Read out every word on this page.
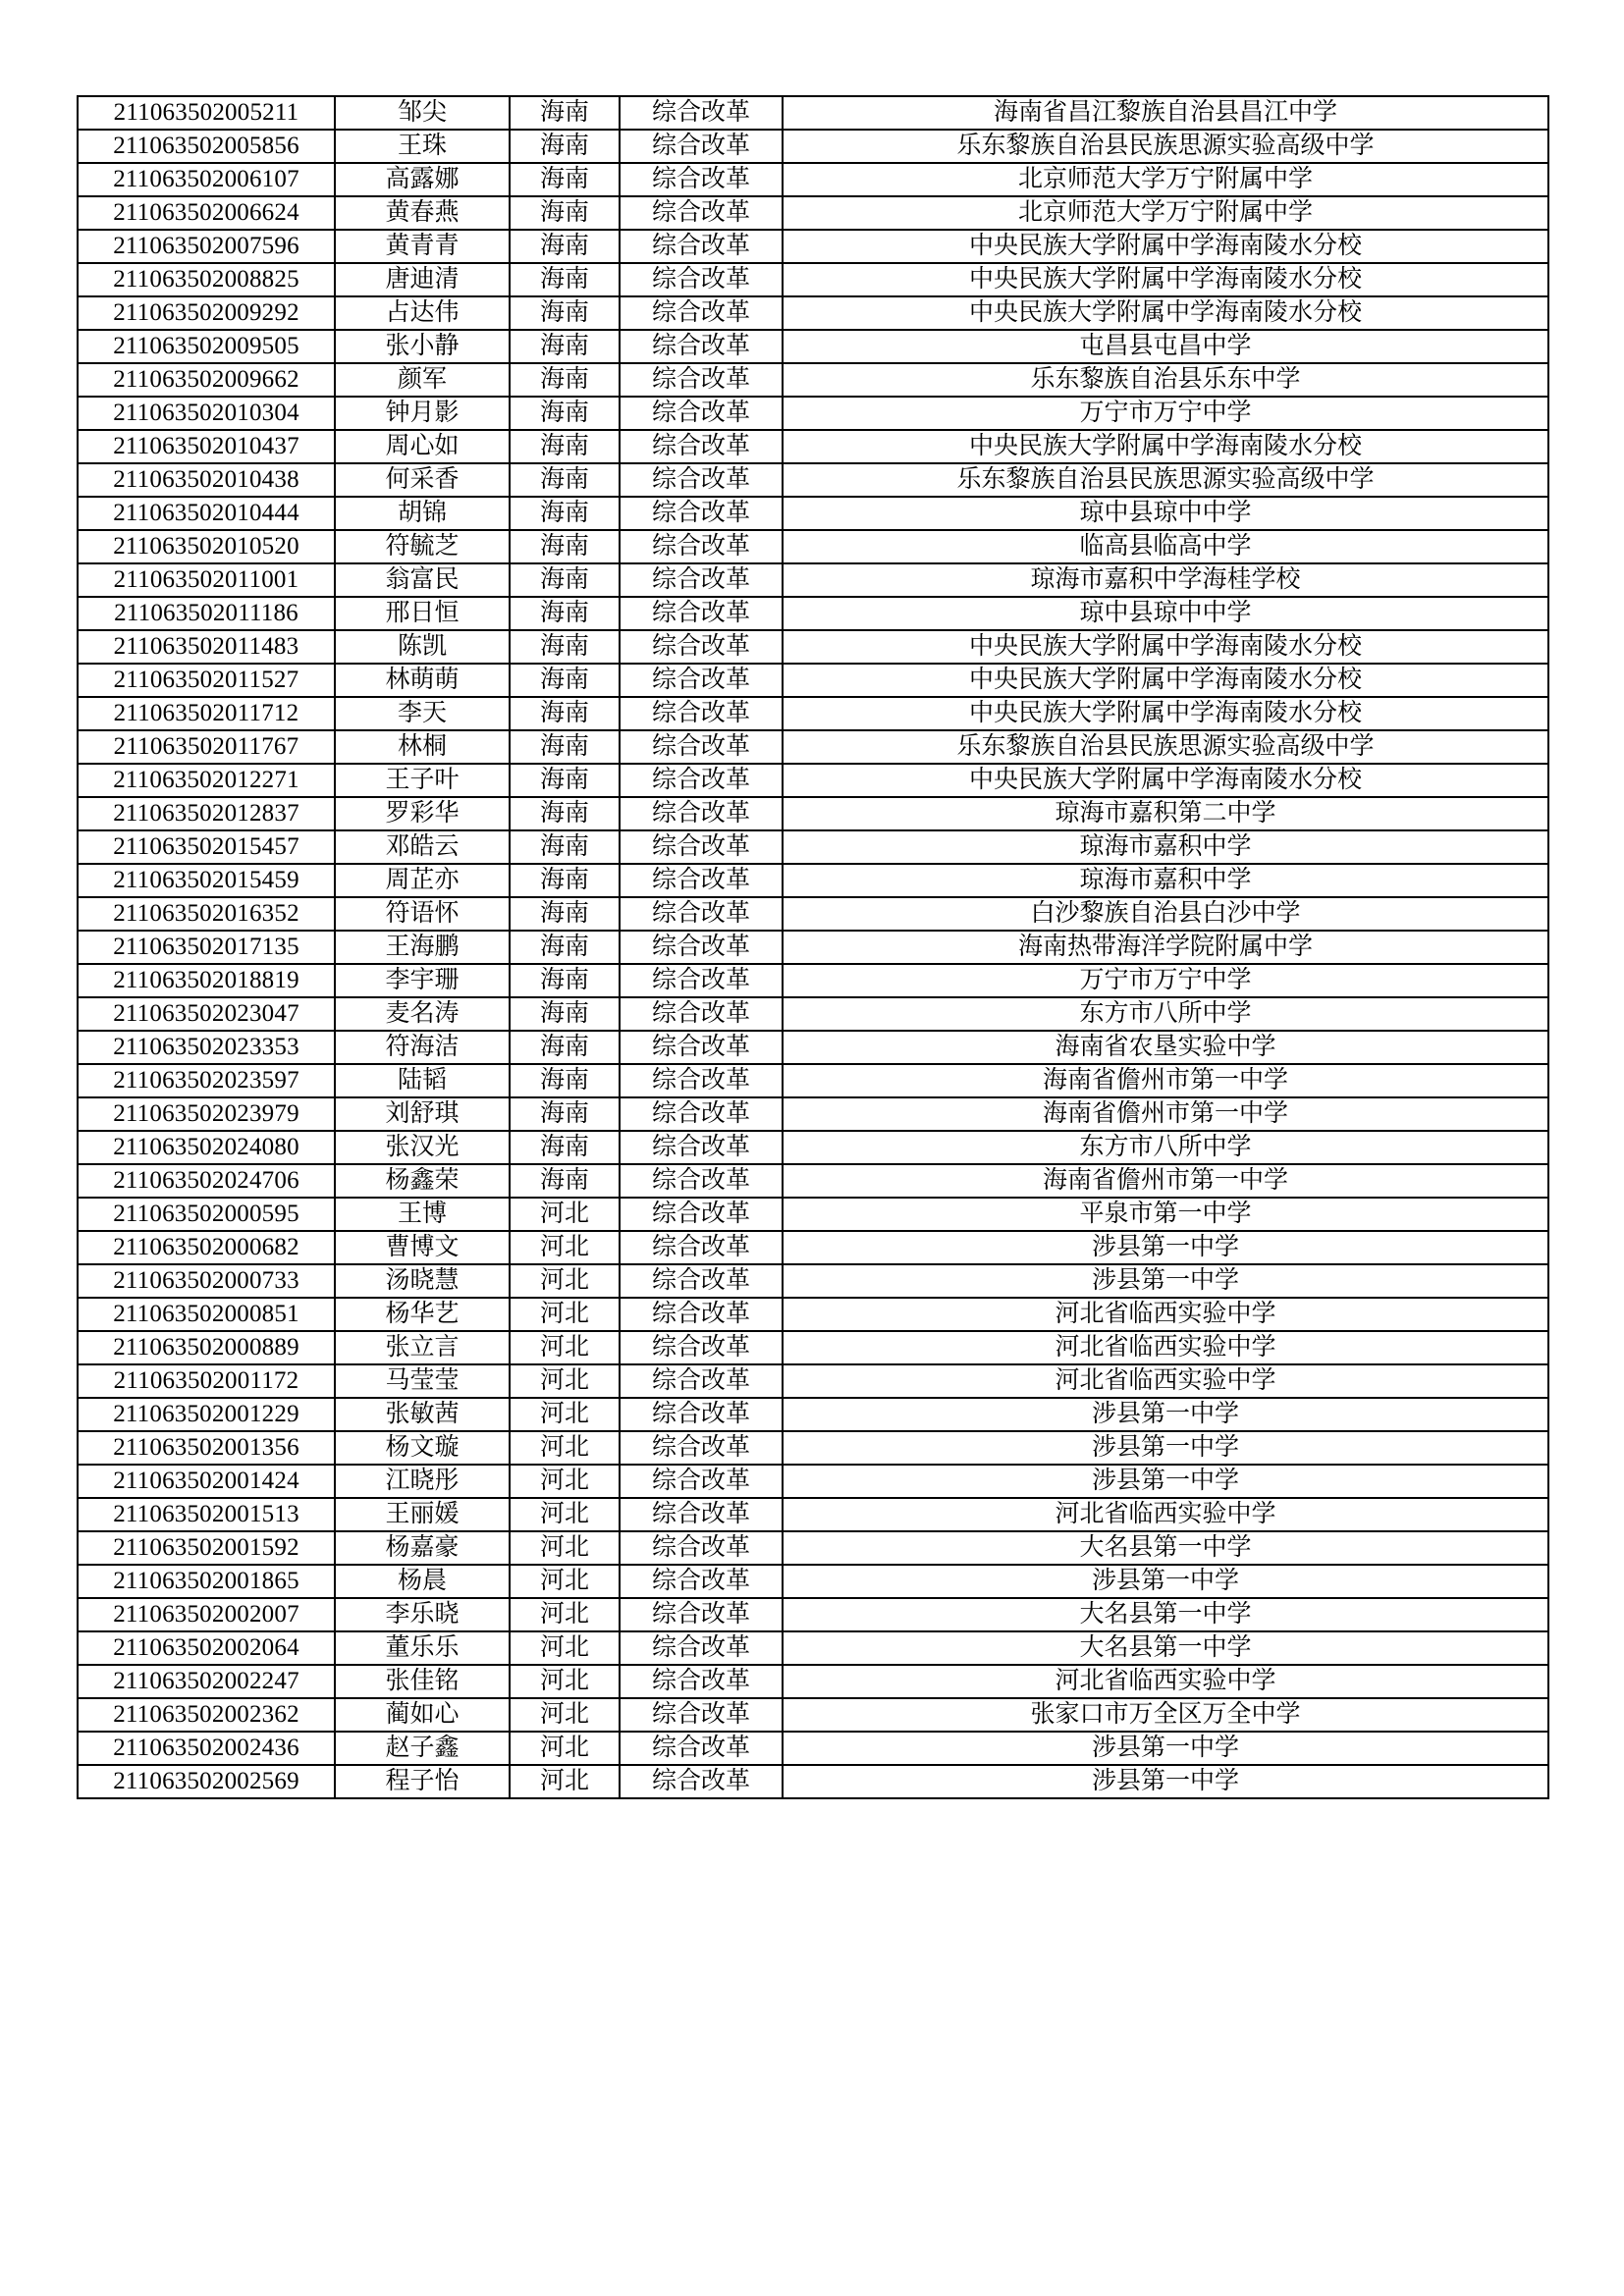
211063502005211	邹尖	海南	综合改革	海南省昌江黎族自治县昌江中学
211063502005856	王珠	海南	综合改革	乐东黎族自治县民族思源实验高级中学
211063502006107	高露娜	海南	综合改革	北京师范大学万宁附属中学
211063502006624	黄春燕	海南	综合改革	北京师范大学万宁附属中学
211063502007596	黄青青	海南	综合改革	中央民族大学附属中学海南陵水分校
211063502008825	唐迪清	海南	综合改革	中央民族大学附属中学海南陵水分校
211063502009292	占达伟	海南	综合改革	中央民族大学附属中学海南陵水分校
211063502009505	张小静	海南	综合改革	屯昌县屯昌中学
211063502009662	颜军	海南	综合改革	乐东黎族自治县乐东中学
211063502010304	钟月影	海南	综合改革	万宁市万宁中学
211063502010437	周心如	海南	综合改革	中央民族大学附属中学海南陵水分校
211063502010438	何采香	海南	综合改革	乐东黎族自治县民族思源实验高级中学
211063502010444	胡锦	海南	综合改革	琼中县琼中中学
211063502010520	符毓芝	海南	综合改革	临高县临高中学
211063502011001	翁富民	海南	综合改革	琼海市嘉积中学海桂学校
211063502011186	邢日恒	海南	综合改革	琼中县琼中中学
211063502011483	陈凯	海南	综合改革	中央民族大学附属中学海南陵水分校
211063502011527	林萌萌	海南	综合改革	中央民族大学附属中学海南陵水分校
211063502011712	李天	海南	综合改革	中央民族大学附属中学海南陵水分校
211063502011767	林桐	海南	综合改革	乐东黎族自治县民族思源实验高级中学
211063502012271	王子叶	海南	综合改革	中央民族大学附属中学海南陵水分校
211063502012837	罗彩华	海南	综合改革	琼海市嘉积第二中学
211063502015457	邓皓云	海南	综合改革	琼海市嘉积中学
211063502015459	周芷亦	海南	综合改革	琼海市嘉积中学
211063502016352	符语怀	海南	综合改革	白沙黎族自治县白沙中学
211063502017135	王海鹏	海南	综合改革	海南热带海洋学院附属中学
211063502018819	李宇珊	海南	综合改革	万宁市万宁中学
211063502023047	麦名涛	海南	综合改革	东方市八所中学
211063502023353	符海洁	海南	综合改革	海南省农垦实验中学
211063502023597	陆韬	海南	综合改革	海南省儋州市第一中学
211063502023979	刘舒琪	海南	综合改革	海南省儋州市第一中学
211063502024080	张汉光	海南	综合改革	东方市八所中学
211063502024706	杨鑫荣	海南	综合改革	海南省儋州市第一中学
211063502000595	王博	河北	综合改革	平泉市第一中学
211063502000682	曹博文	河北	综合改革	涉县第一中学
211063502000733	汤晓慧	河北	综合改革	涉县第一中学
211063502000851	杨华艺	河北	综合改革	河北省临西实验中学
211063502000889	张立言	河北	综合改革	河北省临西实验中学
211063502001172	马莹莹	河北	综合改革	河北省临西实验中学
211063502001229	张敏茜	河北	综合改革	涉县第一中学
211063502001356	杨文璇	河北	综合改革	涉县第一中学
211063502001424	江晓彤	河北	综合改革	涉县第一中学
211063502001513	王丽媛	河北	综合改革	河北省临西实验中学
211063502001592	杨嘉豪	河北	综合改革	大名县第一中学
211063502001865	杨晨	河北	综合改革	涉县第一中学
211063502002007	李乐晓	河北	综合改革	大名县第一中学
211063502002064	董乐乐	河北	综合改革	大名县第一中学
211063502002247	张佳铭	河北	综合改革	河北省临西实验中学
211063502002362	蔺如心	河北	综合改革	张家口市万全区万全中学
211063502002436	赵子鑫	河北	综合改革	涉县第一中学
211063502002569	程子怡	河北	综合改革	涉县第一中学
